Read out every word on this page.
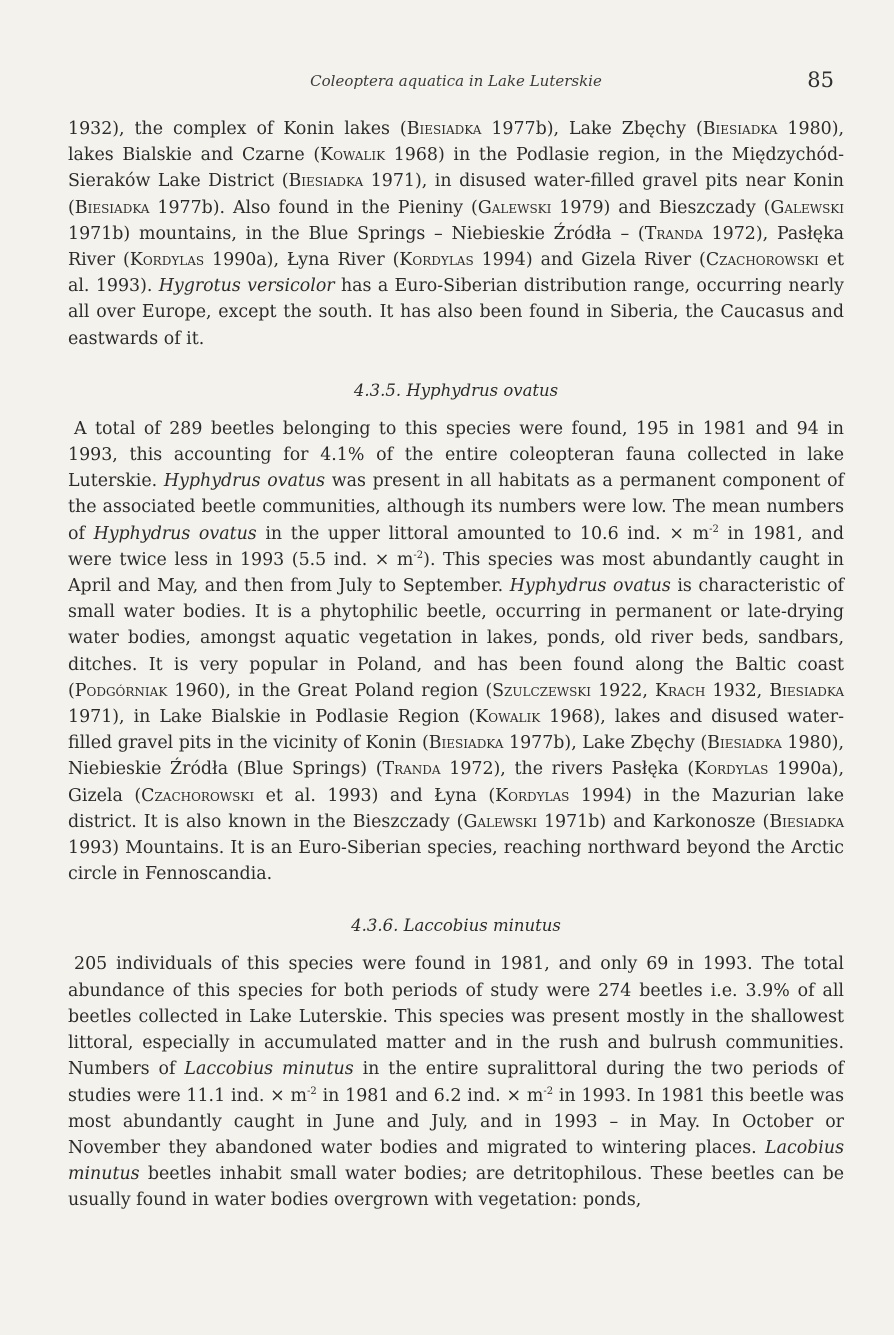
Coleoptera aquatica in Lake Luterskie	85

1932), the complex of Konin lakes (Biesiadka 1977b), Lake Zbęchy (Biesiadka 1980), lakes Bialskie and Czarne (Kowalik 1968) in the Podlasie region, in the Międzychód-Sieraków Lake District (Biesiadka 1971), in disused water-filled gravel pits near Konin (Biesiadka 1977b). Also found in the Pieniny (Galewski 1979) and Bieszczady (Galewski 1971b) mountains, in the Blue Springs – Niebieskie Źródła – (Tranda 1972), Pasłęka River (Kordylas 1990a), Łyna River (Kordylas 1994) and Gizela River (Czachorowski et al. 1993). Hygrotus versicolor has a Euro-Siberian distribution range, occurring nearly all over Europe, except the south. It has also been found in Siberia, the Caucasus and eastwards of it.

4.3.5. Hyphydrus ovatus

A total of 289 beetles belonging to this species were found, 195 in 1981 and 94 in 1993, this accounting for 4.1% of the entire coleopteran fauna collected in lake Luterskie. Hyphydrus ovatus was present in all habitats as a permanent component of the associated beetle communities, although its numbers were low. The mean numbers of Hyphydrus ovatus in the upper littoral amounted to 10.6 ind. × $m^{-2}$ in 1981, and were twice less in 1993 (5.5 ind. × $m^{-2}$). This species was most abundantly caught in April and May, and then from July to September. Hyphydrus ovatus is characteristic of small water bodies. It is a phytophilic beetle, occurring in permanent or late-drying water bodies, amongst aquatic vegetation in lakes, ponds, old river beds, sandbars, ditches. It is very popular in Poland, and has been found along the Baltic coast (Podgórniak 1960), in the Great Poland region (Szulczewski 1922, Krach 1932, Biesiadka 1971), in Lake Bialskie in Podlasie Region (Kowalik 1968), lakes and disused water-filled gravel pits in the vicinity of Konin (Biesiadka 1977b), Lake Zbęchy (Biesiadka 1980), Niebieskie Źródła (Blue Springs) (Tranda 1972), the rivers Pasłęka (Kordylas 1990a), Gizela (Czachorowski et al. 1993) and Łyna (Kordylas 1994) in the Mazurian lake district. It is also known in the Bieszczady (Galewski 1971b) and Karkonosze (Biesiadka 1993) Mountains. It is an Euro-Siberian species, reaching northward beyond the Arctic circle in Fennoscandia.

4.3.6. Laccobius minutus

205 individuals of this species were found in 1981, and only 69 in 1993. The total abundance of this species for both periods of study were 274 beetles i.e. 3.9% of all beetles collected in Lake Luterskie. This species was present mostly in the shallowest littoral, especially in accumulated matter and in the rush and bulrush communities. Numbers of Laccobius minutus in the entire supralittoral during the two periods of studies were 11.1 ind. × $m^{-2}$ in 1981 and 6.2 ind. × $m^{-2}$ in 1993. In 1981 this beetle was most abundantly caught in June and July, and in 1993 – in May. In October or November they abandoned water bodies and migrated to wintering places. Lacobius minutus beetles inhabit small water bodies; are detritophilous. These beetles can be usually found in water bodies overgrown with vegetation: ponds,
